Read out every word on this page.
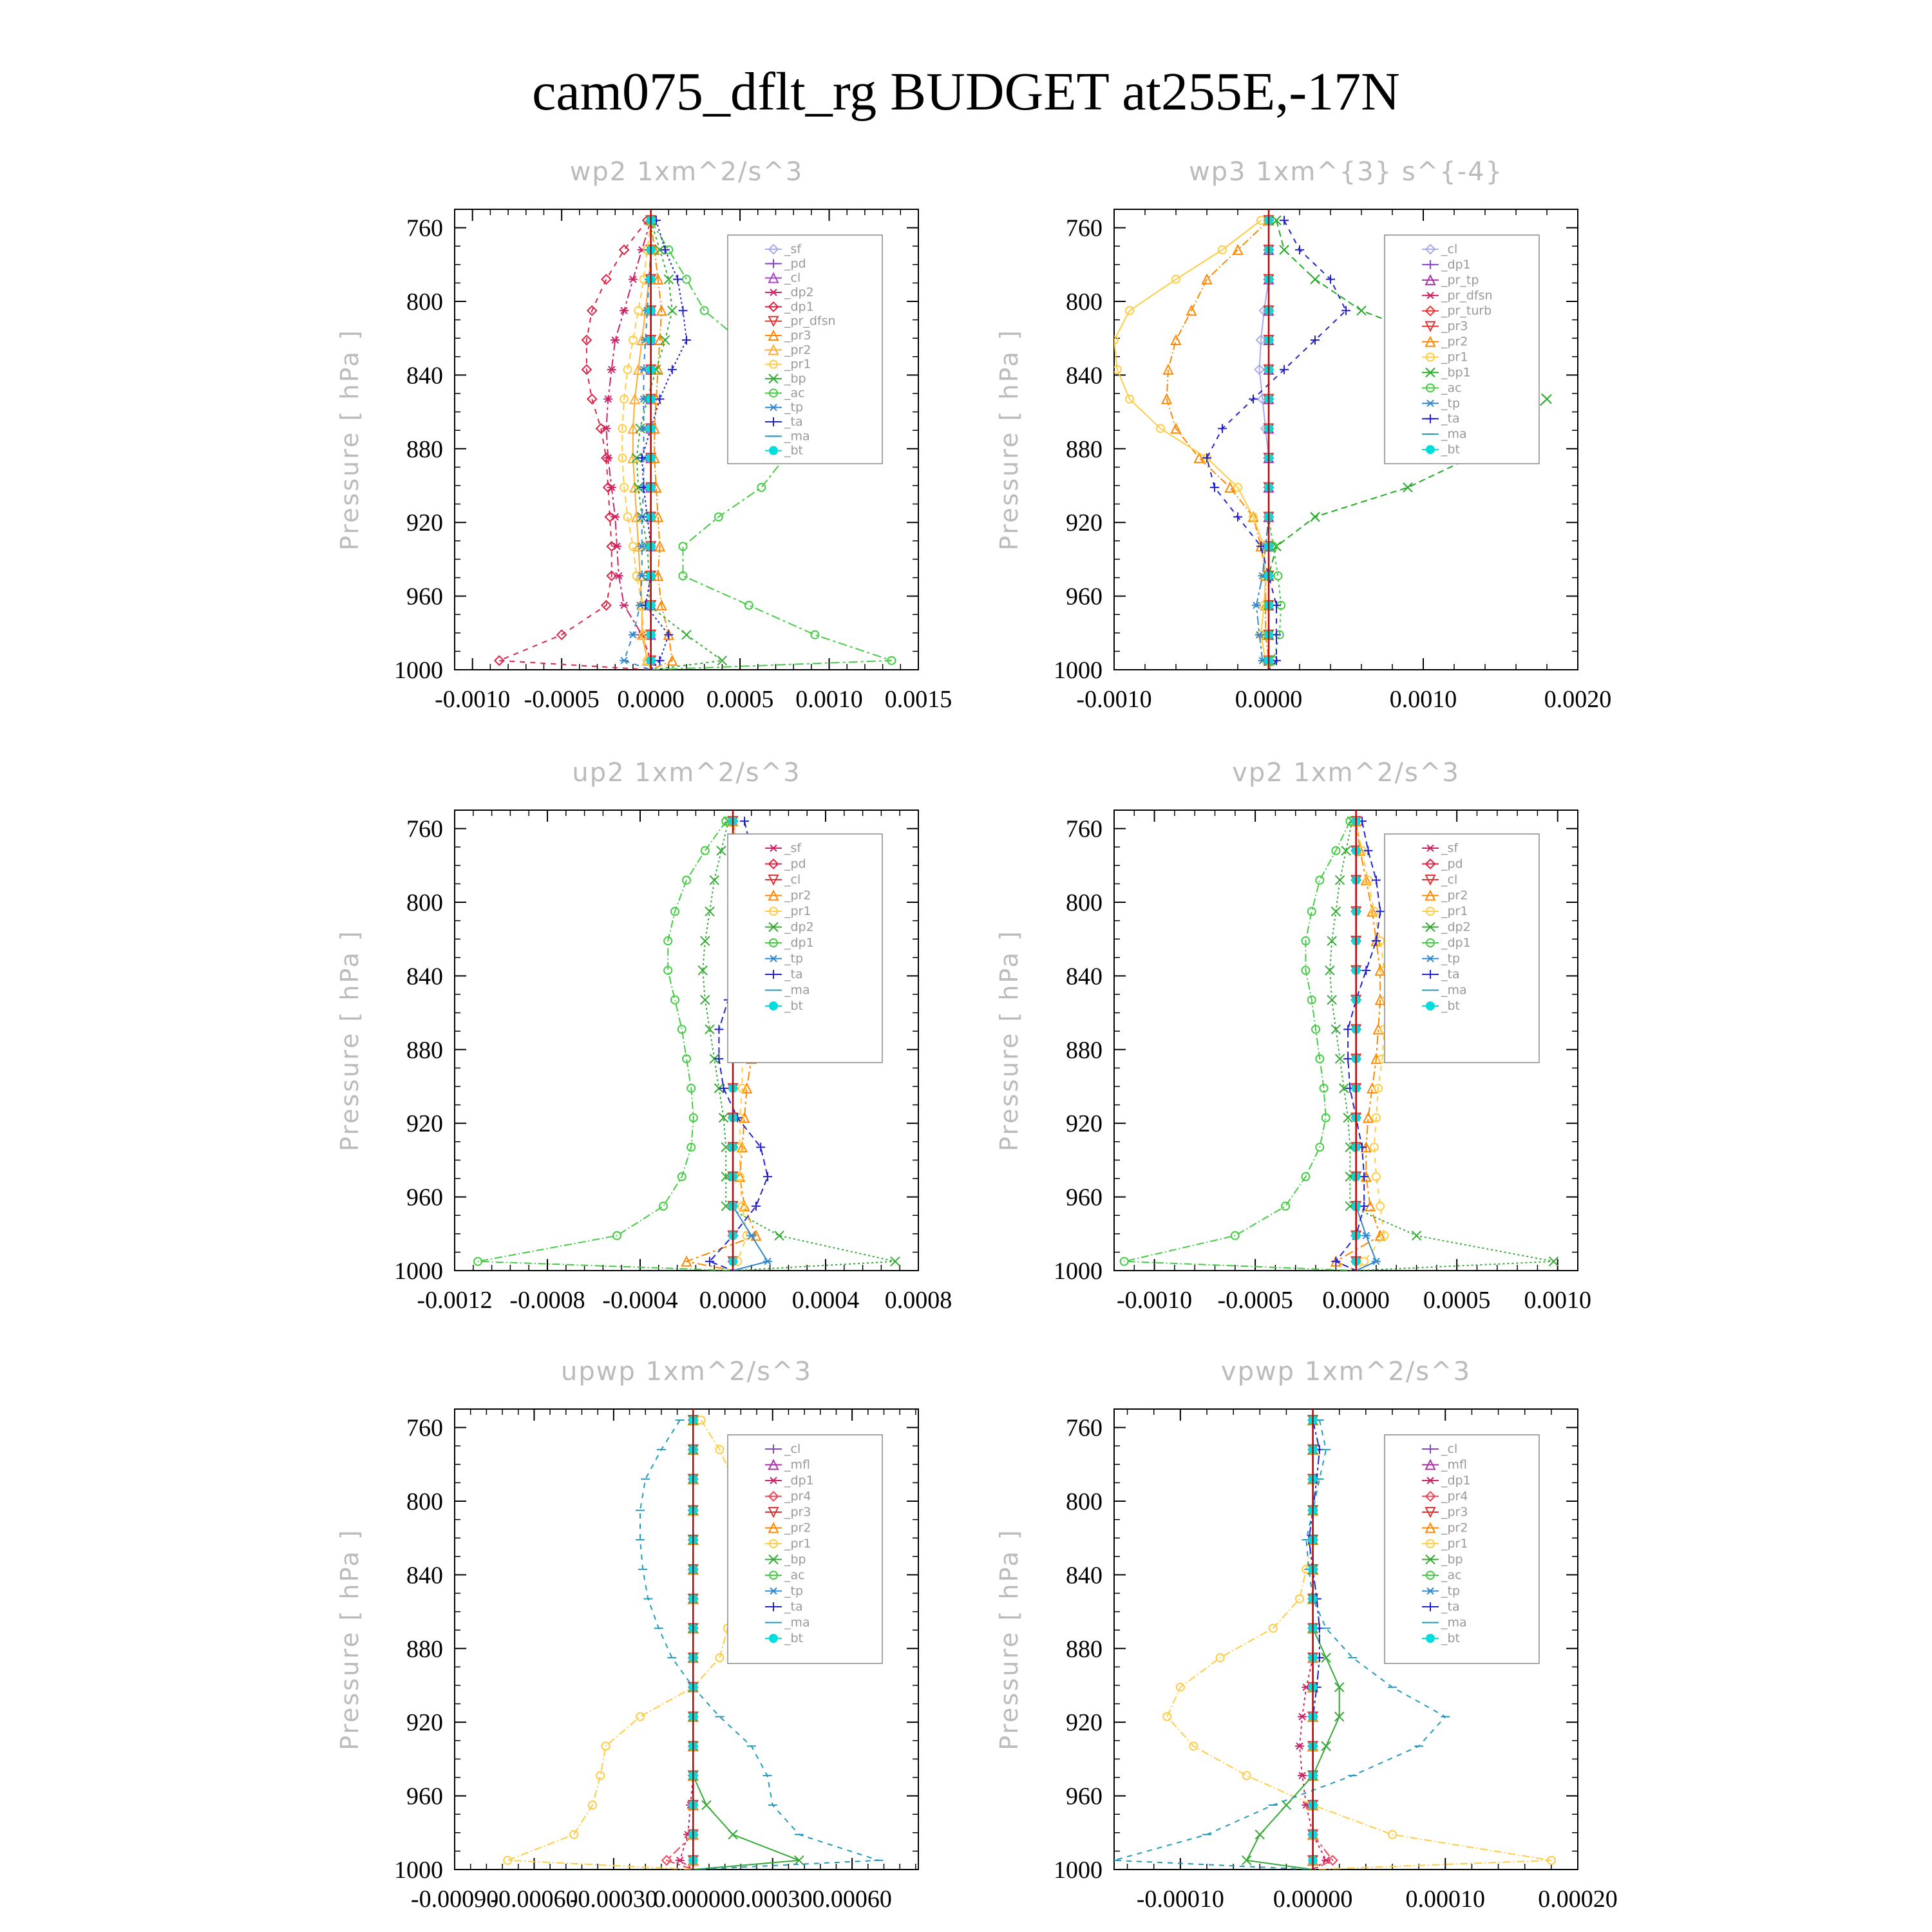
cam075_dflt_rg BUDGET at255E,-17N
wp2 1xm^2/s^3
Pressure [ hPa ]
760
800
840
880
920
960
1000
-0.0010 -0.0005 0.0000 0.0005 0.0010 0.0015
_sf
_pd
_cl
_dp2
_dp1
_pr_dfsn
_pr3
_pr2
_pr1
_bp
_ac
_tp
_ta
_ma
_bt
wp3 1xm^{3} s^{-4}
Pressure [ hPa ]
760
800
840
880
920
960
1000
-0.0010	0.0000	0.0010	0.0020
_cl
_dp1
_pr_tp
_pr_dfsn
_pr_turb
_pr3
_pr2
_pr1
_bp1
_ac
_tp
_ta
_ma
_bt
up2 1xm^2/s^3
Pressure [ hPa ]
760
800
840
880
920
960
1000
-0.0012 -0.0008 -0.0004 0.0000 0.0004 0.0008
_sf
_pd
_cl
_pr2
_pr1
_dp2
_dp1
_tp
_ta
_ma
_bt
vp2 1xm^2/s^3
Pressure [ hPa ]
760
800
840
880
920
960
1000
-0.0010 -0.0005 0.0000 0.0005 0.0010
_sf
_pd
_cl
_pr2
_pr1
_dp2
_dp1
_tp
_ta
_ma
_bt
upwp 1xm^2/s^3
Pressure [ hPa ]
760
800
840
880
920
960
1000
-0.00090
-0.00060
-0.00030
0.00000 0.00030 0.00060
_cl
_mfl
_dp1
_pr4
_pr3
_pr2
_pr1
_bp
_ac
_tp
_ta
_ma
_bt
vpwp 1xm^2/s^3
Pressure [ hPa ]
760
800
840
880
920
960
1000
-0.00010 0.00000 0.00010 0.00020
_cl
_mfl
_dp1
_pr4
_pr3
_pr2
_pr1
_bp
_ac
_tp
_ta
_ma
_bt
